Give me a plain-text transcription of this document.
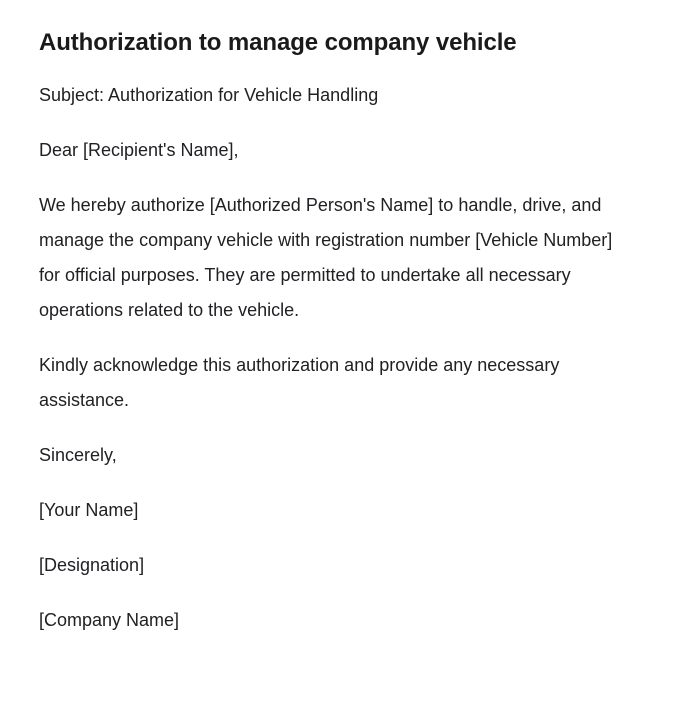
Authorization to manage company vehicle

Subject: Authorization for Vehicle Handling

Dear [Recipient's Name],

We hereby authorize [Authorized Person's Name] to handle, drive, and manage the company vehicle with registration number [Vehicle Number] for official purposes. They are permitted to undertake all necessary operations related to the vehicle.

Kindly acknowledge this authorization and provide any necessary assistance.

Sincerely,

[Your Name]

[Designation]

[Company Name]
